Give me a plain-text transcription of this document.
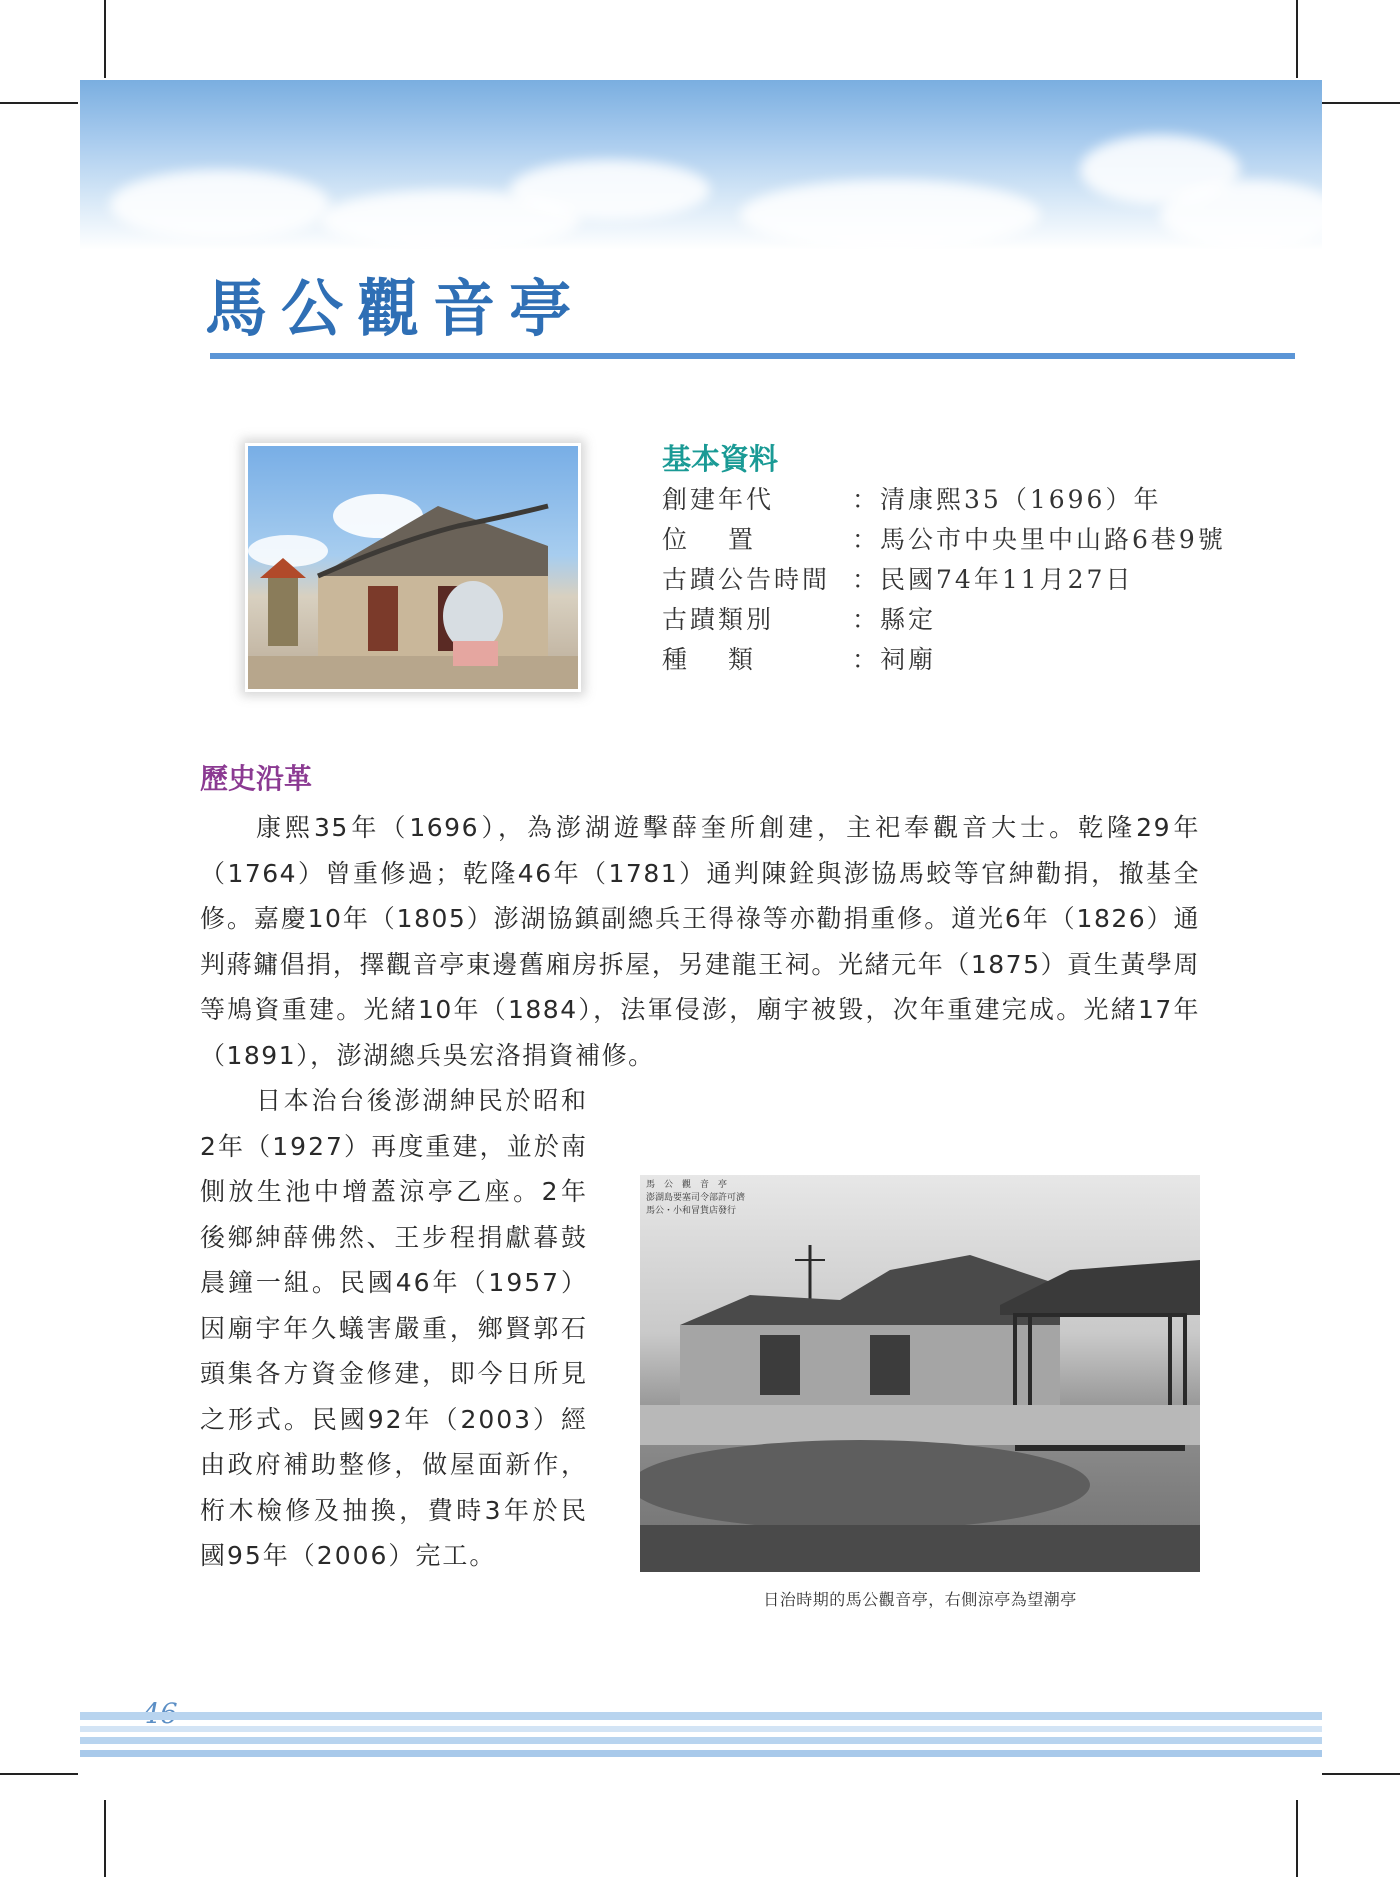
馬公觀音亭
基本資料
創建年代	：清康熙35（1696）年
位置	：馬公市中央里中山路6巷9號
古蹟公告時間 ：民國74年11月27日
古蹟類別	：縣定
種類	：祠廟
歷史沿革

康熙35年（1696），為澎湖遊擊薛奎所創建，主祀奉觀音大士。乾隆29年（1764）曾重修過；乾隆46年（1781）通判陳銓與澎協馬蛟等官紳勸捐，撤基全修。嘉慶10年（1805）澎湖協鎮副總兵王得祿等亦勸捐重修。道光6年（1826）通判蔣鏞倡捐，擇觀音亭東邊舊廂房拆屋，另建龍王祠。光緒元年（1875）貢生黃學周等鳩資重建。光緒10年（1884），法軍侵澎，廟宇被毀，次年重建完成。光緒17年（1891），澎湖總兵吳宏洛捐資補修。

日本治台後澎湖紳民於昭和2年（1927）再度重建，並於南側放生池中增蓋涼亭乙座。2年後鄉紳薛佛然、王步程捐獻暮鼓晨鐘一組。民國46年（1957）因廟宇年久蟻害嚴重，鄉賢郭石頭集各方資金修建，即今日所見之形式。民國92年（2003）經由政府補助整修，做屋面新作，桁木檢修及抽換，費時3年於民國95年（2006）完工。

馬　公　觀　音　亭
澎湖島要塞司令部許可濟
馬公・小和冒貨店發行

日治時期的馬公觀音亭，右側涼亭為望潮亭
